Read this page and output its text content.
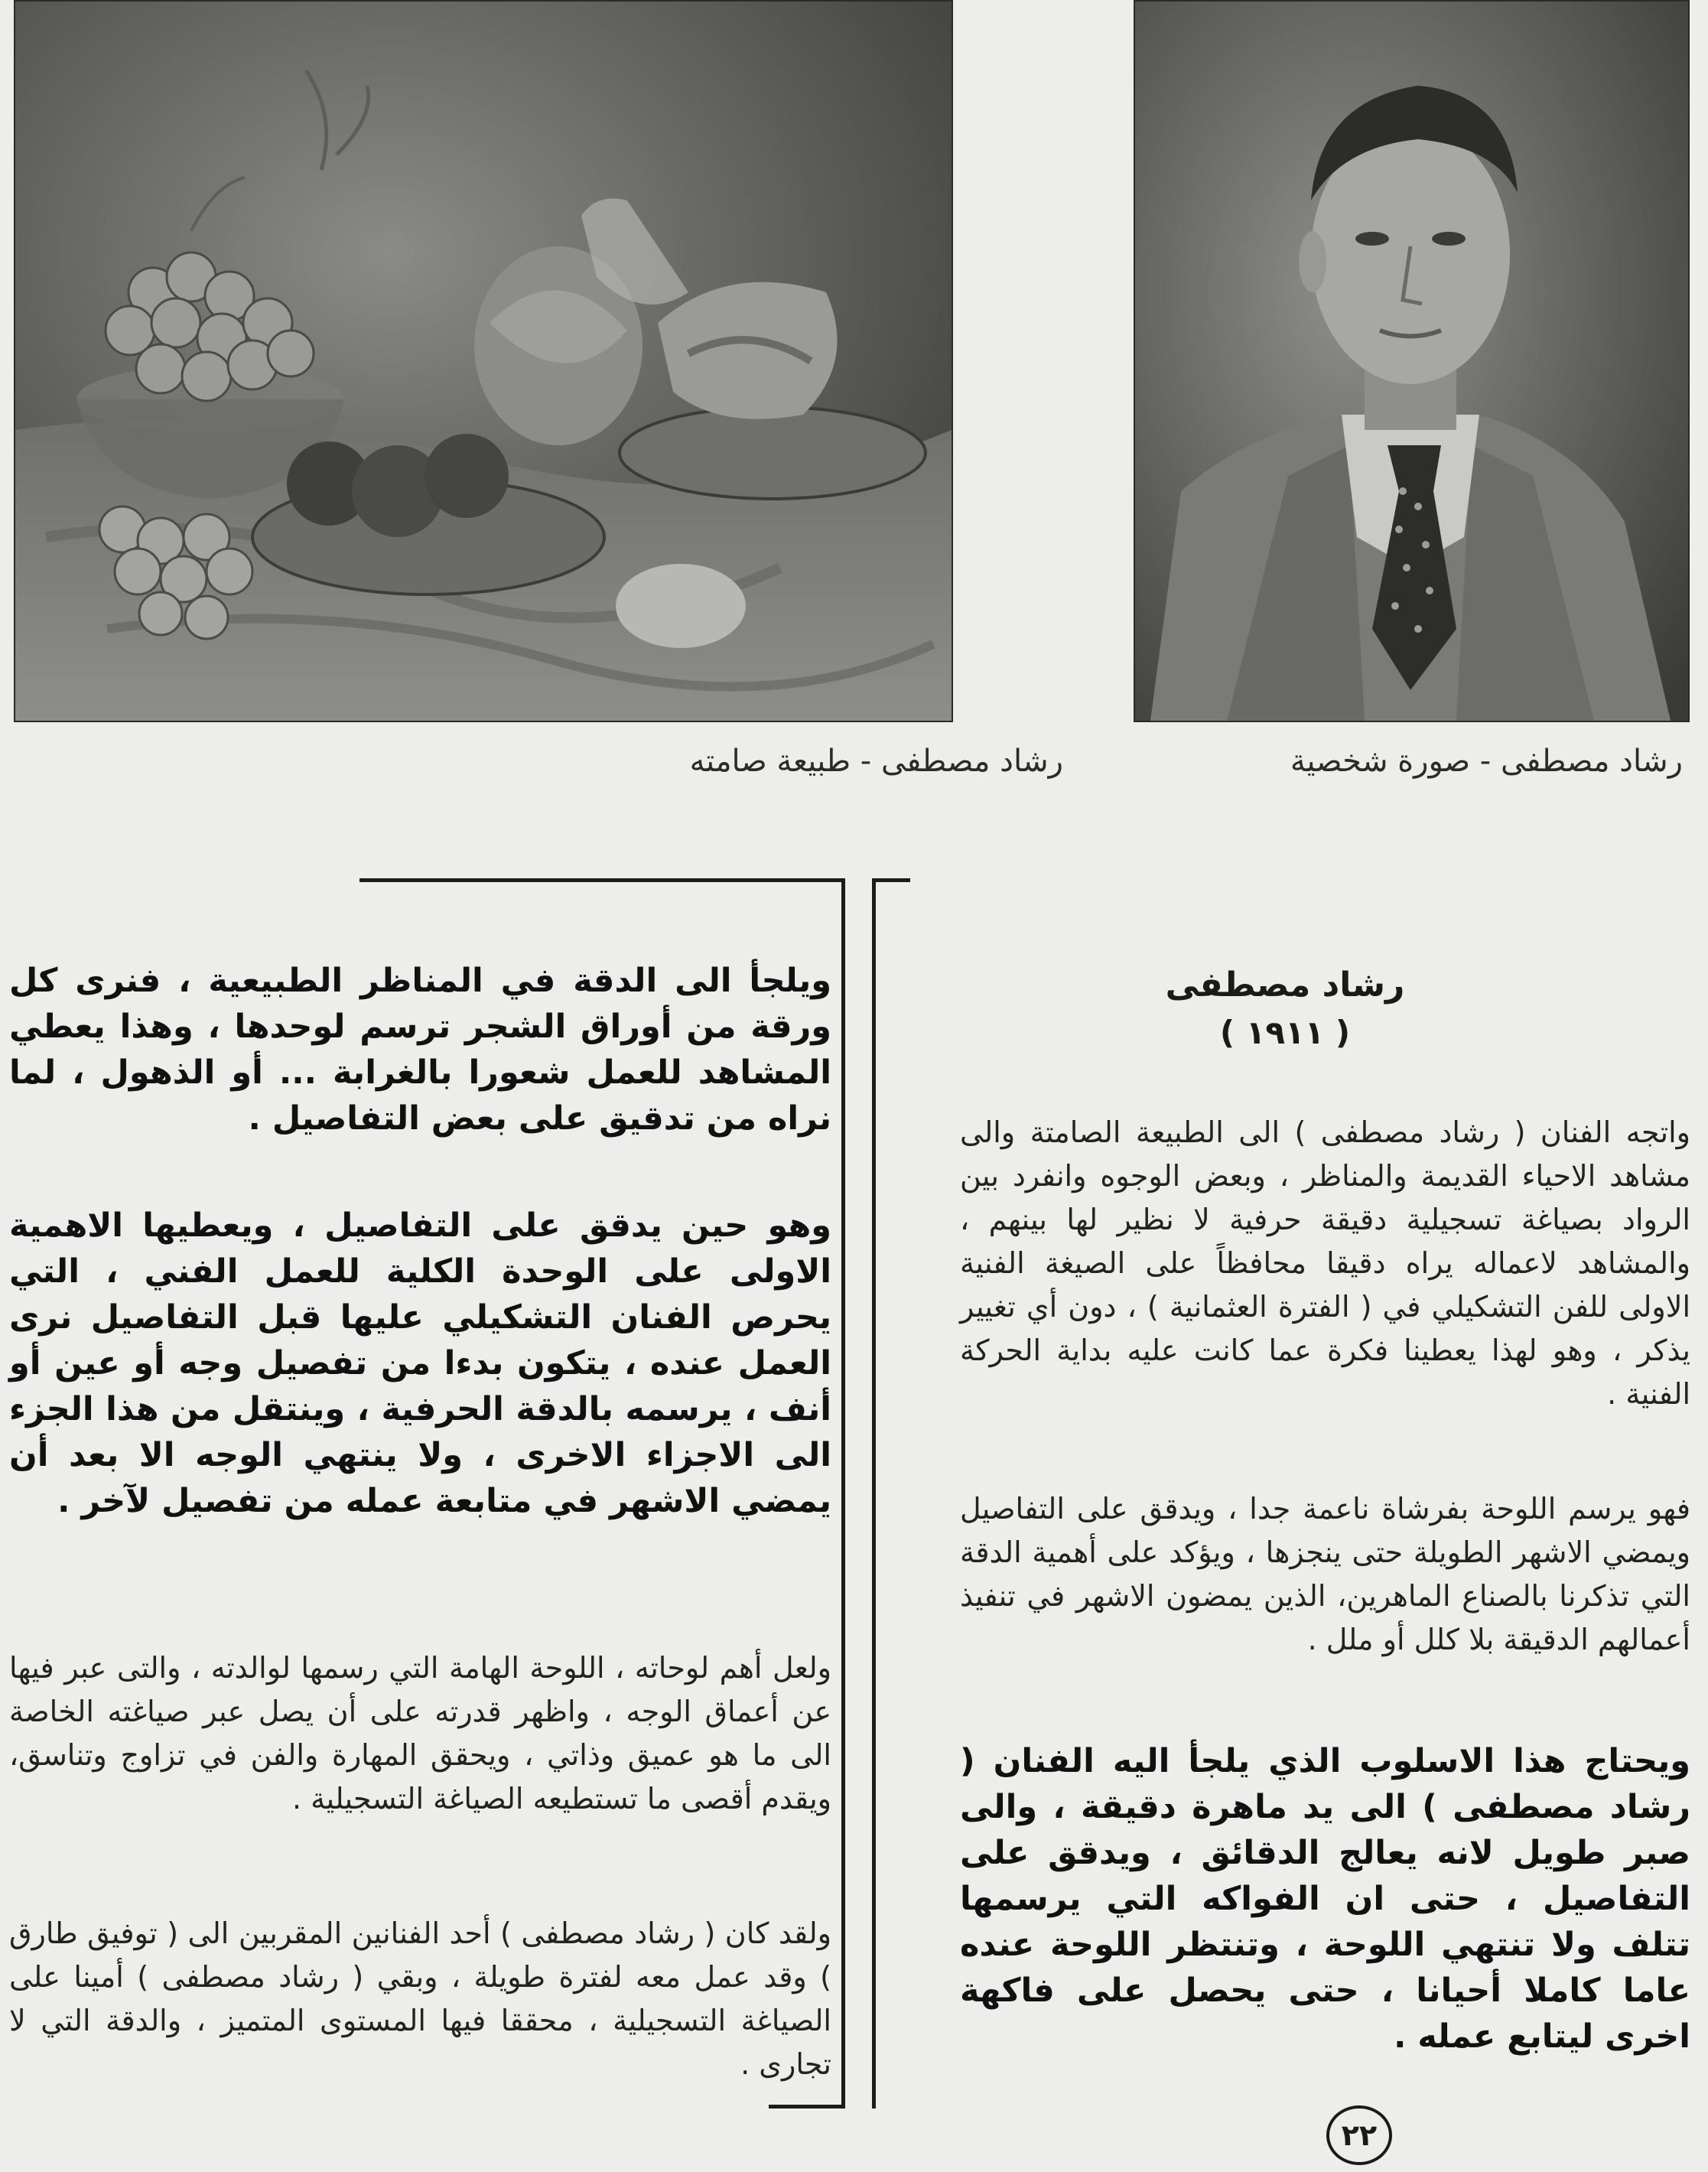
رشاد مصطفى - طبيعة صامته	رشاد مصطفى - صورة شخصية

ويلجأ الى الدقة في المناظر الطبيعية ، فنرى كل ورقة من أوراق الشجر ترسم لوحدها ، وهذا يعطي المشاهد للعمل شعورا بالغرابة ... أو الذهول ، لما نراه من تدقيق على بعض التفاصيل .

وهو حين يدقق على التفاصيل ، ويعطيها الاهمية الاولى على الوحدة الكلية للعمل الفني ، التي يحرص الفنان التشكيلي عليها قبل التفاصيل نرى العمل عنده ، يتكون بدءا من تفصيل وجه أو عين أو أنف ، يرسمه بالدقة الحرفية ، وينتقل من هذا الجزء الى الاجزاء الاخرى ، ولا ينتهي الوجه الا بعد أن يمضي الاشهر في متابعة عمله من تفصيل لآخر .

ولعل أهم لوحاته ، اللوحة الهامة التي رسمها لوالدته ، والتى عبر فيها عن أعماق الوجه ، واظهر قدرته على أن يصل عبر صياغته الخاصة الى ما هو عميق وذاتي ، ويحقق المهارة والفن في تزاوج وتناسق، ويقدم أقصى ما تستطيعه الصياغة التسجيلية .

ولقد كان ( رشاد مصطفى ) أحد الفنانين المقربين الى ( توفيق طارق ) وقد عمل معه لفترة طويلة ، وبقي ( رشاد مصطفى ) أمينا على الصياغة التسجيلية ، محققا فيها المستوى المتميز ، والدقة التي لا تجارى .

رشاد مصطفى
( ١٩١١ )

واتجه الفنان ( رشاد مصطفى ) الى الطبيعة الصامتة والى مشاهد الاحياء القديمة والمناظر ، وبعض الوجوه وانفرد بين الرواد بصياغة تسجيلية دقيقة حرفية لا نظير لها بينهم ، والمشاهد لاعماله يراه دقيقا محافظاً على الصيغة الفنية الاولى للفن التشكيلي في ( الفترة العثمانية ) ، دون أي تغيير يذكر ، وهو لهذا يعطينا فكرة عما كانت عليه بداية الحركة الفنية .

فهو يرسم اللوحة بفرشاة ناعمة جدا ، ويدقق على التفاصيل ويمضي الاشهر الطويلة حتى ينجزها ، ويؤكد على أهمية الدقة التي تذكرنا بالصناع الماهرين، الذين يمضون الاشهر في تنفيذ أعمالهم الدقيقة بلا كلل أو ملل .

ويحتاج هذا الاسلوب الذي يلجأ اليه الفنان ( رشاد مصطفى ) الى يد ماهرة دقيقة ، والى صبر طويل لانه يعالج الدقائق ، ويدقق على التفاصيل ، حتى ان الفواكه التي يرسمها تتلف ولا تنتهي اللوحة ، وتنتظر اللوحة عنده عاما كاملا أحيانا ، حتى يحصل على فاكهة اخرى ليتابع عمله .

٢٢
